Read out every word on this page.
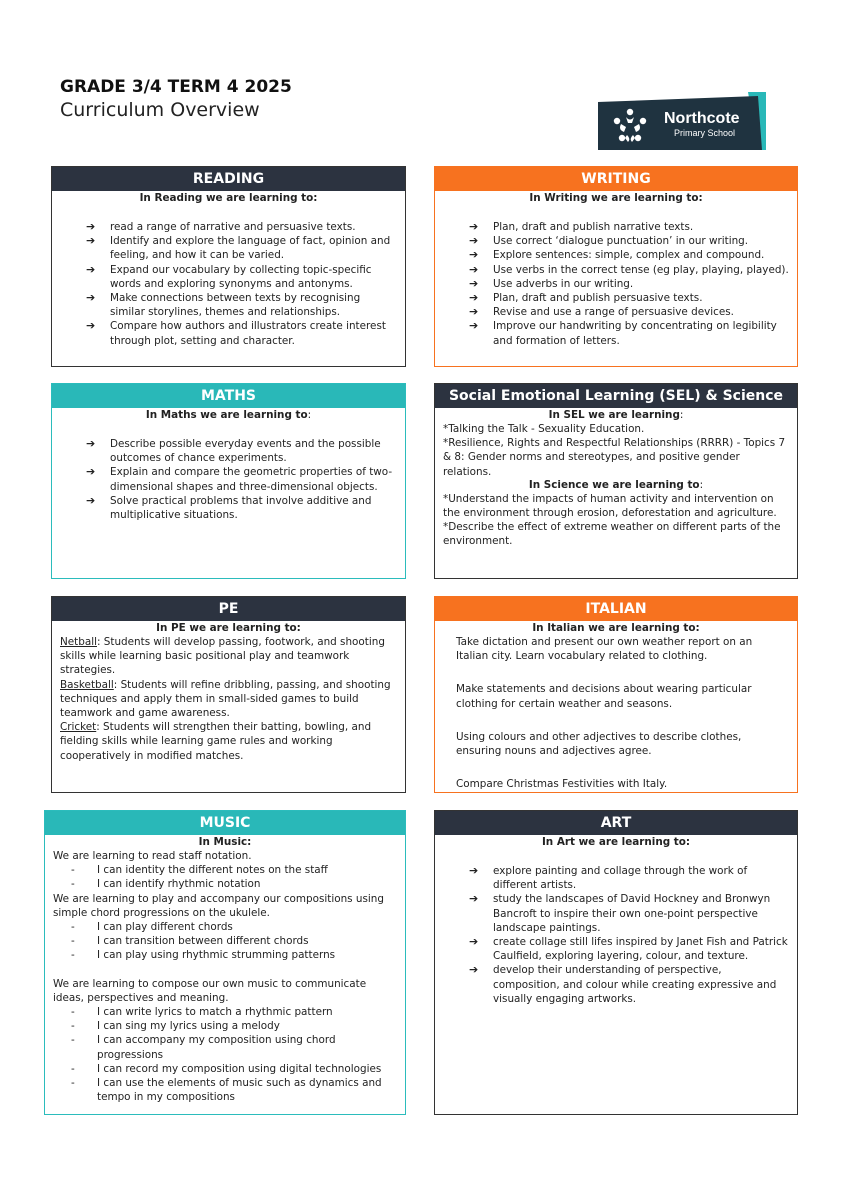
GRADE 3/4 TERM 4 2025
Curriculum Overview	Northcote
Primary School
READING
In Reading we are learning to:
➔ read a range of narrative and persuasive texts.
➔ Identify and explore the language of fact, opinion and feeling, and how it can be varied.
➔ Expand our vocabulary by collecting topic-specific words and exploring synonyms and antonyms.
➔ Make connections between texts by recognising similar storylines, themes and relationships.
➔ Compare how authors and illustrators create interest through plot, setting and character.
WRITING
In Writing we are learning to:
➔ Plan, draft and publish narrative texts.
➔ Use correct ‘dialogue punctuation’ in our writing.
➔ Explore sentences: simple, complex and compound.
➔ Use verbs in the correct tense (eg play, playing, played).
➔ Use adverbs in our writing.
➔ Plan, draft and publish persuasive texts.
➔ Revise and use a range of persuasive devices.
➔ Improve our handwriting by concentrating on legibility and formation of letters.
MATHS
In Maths we are learning to:
➔ Describe possible everyday events and the possible outcomes of chance experiments.
➔ Explain and compare the geometric properties of two-dimensional shapes and three-dimensional objects.
➔ Solve practical problems that involve additive and multiplicative situations.
Social Emotional Learning (SEL) & Science
In SEL we are learning:
*Talking the Talk - Sexuality Education.
*Resilience, Rights and Respectful Relationships (RRRR) - Topics 7 & 8: Gender norms and stereotypes, and positive gender relations.
In Science we are learning to:
*Understand the impacts of human activity and intervention on the environment through erosion, deforestation and agriculture.
*Describe the effect of extreme weather on different parts of the environment.
PE
In PE we are learning to:
Netball: Students will develop passing, footwork, and shooting skills while learning basic positional play and teamwork strategies.
Basketball: Students will refine dribbling, passing, and shooting techniques and apply them in small-sided games to build teamwork and game awareness.
Cricket: Students will strengthen their batting, bowling, and fielding skills while learning game rules and working cooperatively in modified matches.
ITALIAN
In Italian we are learning to:
Take dictation and present our own weather report on an Italian city. Learn vocabulary related to clothing.
Make statements and decisions about wearing particular clothing for certain weather and seasons.
Using colours and other adjectives to describe clothes, ensuring nouns and adjectives agree.
Compare Christmas Festivities with Italy.
MUSIC
In Music:
We are learning to read staff notation.
- I can identity the different notes on the staff
- I can identify rhythmic notation
We are learning to play and accompany our compositions using simple chord progressions on the ukulele.
- I can play different chords
- I can transition between different chords
- I can play using rhythmic strumming patterns
We are learning to compose our own music to communicate ideas, perspectives and meaning.
- I can write lyrics to match a rhythmic pattern
- I can sing my lyrics using a melody
- I can accompany my composition using chord progressions
- I can record my composition using digital technologies
- I can use the elements of music such as dynamics and tempo in my compositions
ART
In Art we are learning to:
➔ explore painting and collage through the work of different artists.
➔ study the landscapes of David Hockney and Bronwyn Bancroft to inspire their own one-point perspective landscape paintings.
➔ create collage still lifes inspired by Janet Fish and Patrick Caulfield, exploring layering, colour, and texture.
➔ develop their understanding of perspective, composition, and colour while creating expressive and visually engaging artworks.
